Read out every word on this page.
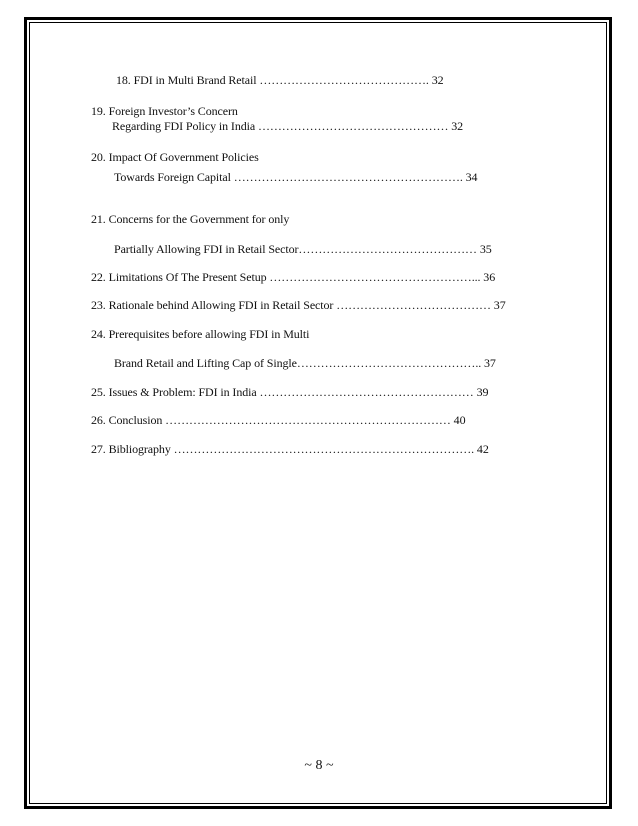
18. FDI in Multi Brand Retail ……………………………………. 32
19. Foreign Investor’s Concern
Regarding FDI Policy in India ………………………………………… 32
20. Impact Of Government Policies
Towards Foreign Capital …………………………………………………. 34
21. Concerns for the Government for only
Partially Allowing FDI in Retail Sector……………………………………… 35
22. Limitations Of The Present Setup ……………………………………………... 36
23. Rationale behind Allowing FDI in Retail Sector ………………………………… 37
24. Prerequisites before allowing FDI in Multi
Brand Retail and Lifting Cap of Single……………………………………….. 37
25. Issues & Problem: FDI in India ……………………………………………… 39
26. Conclusion ……………………………………………………………… 40
27. Bibliography …………………………………………………………………. 42
~ 8 ~
